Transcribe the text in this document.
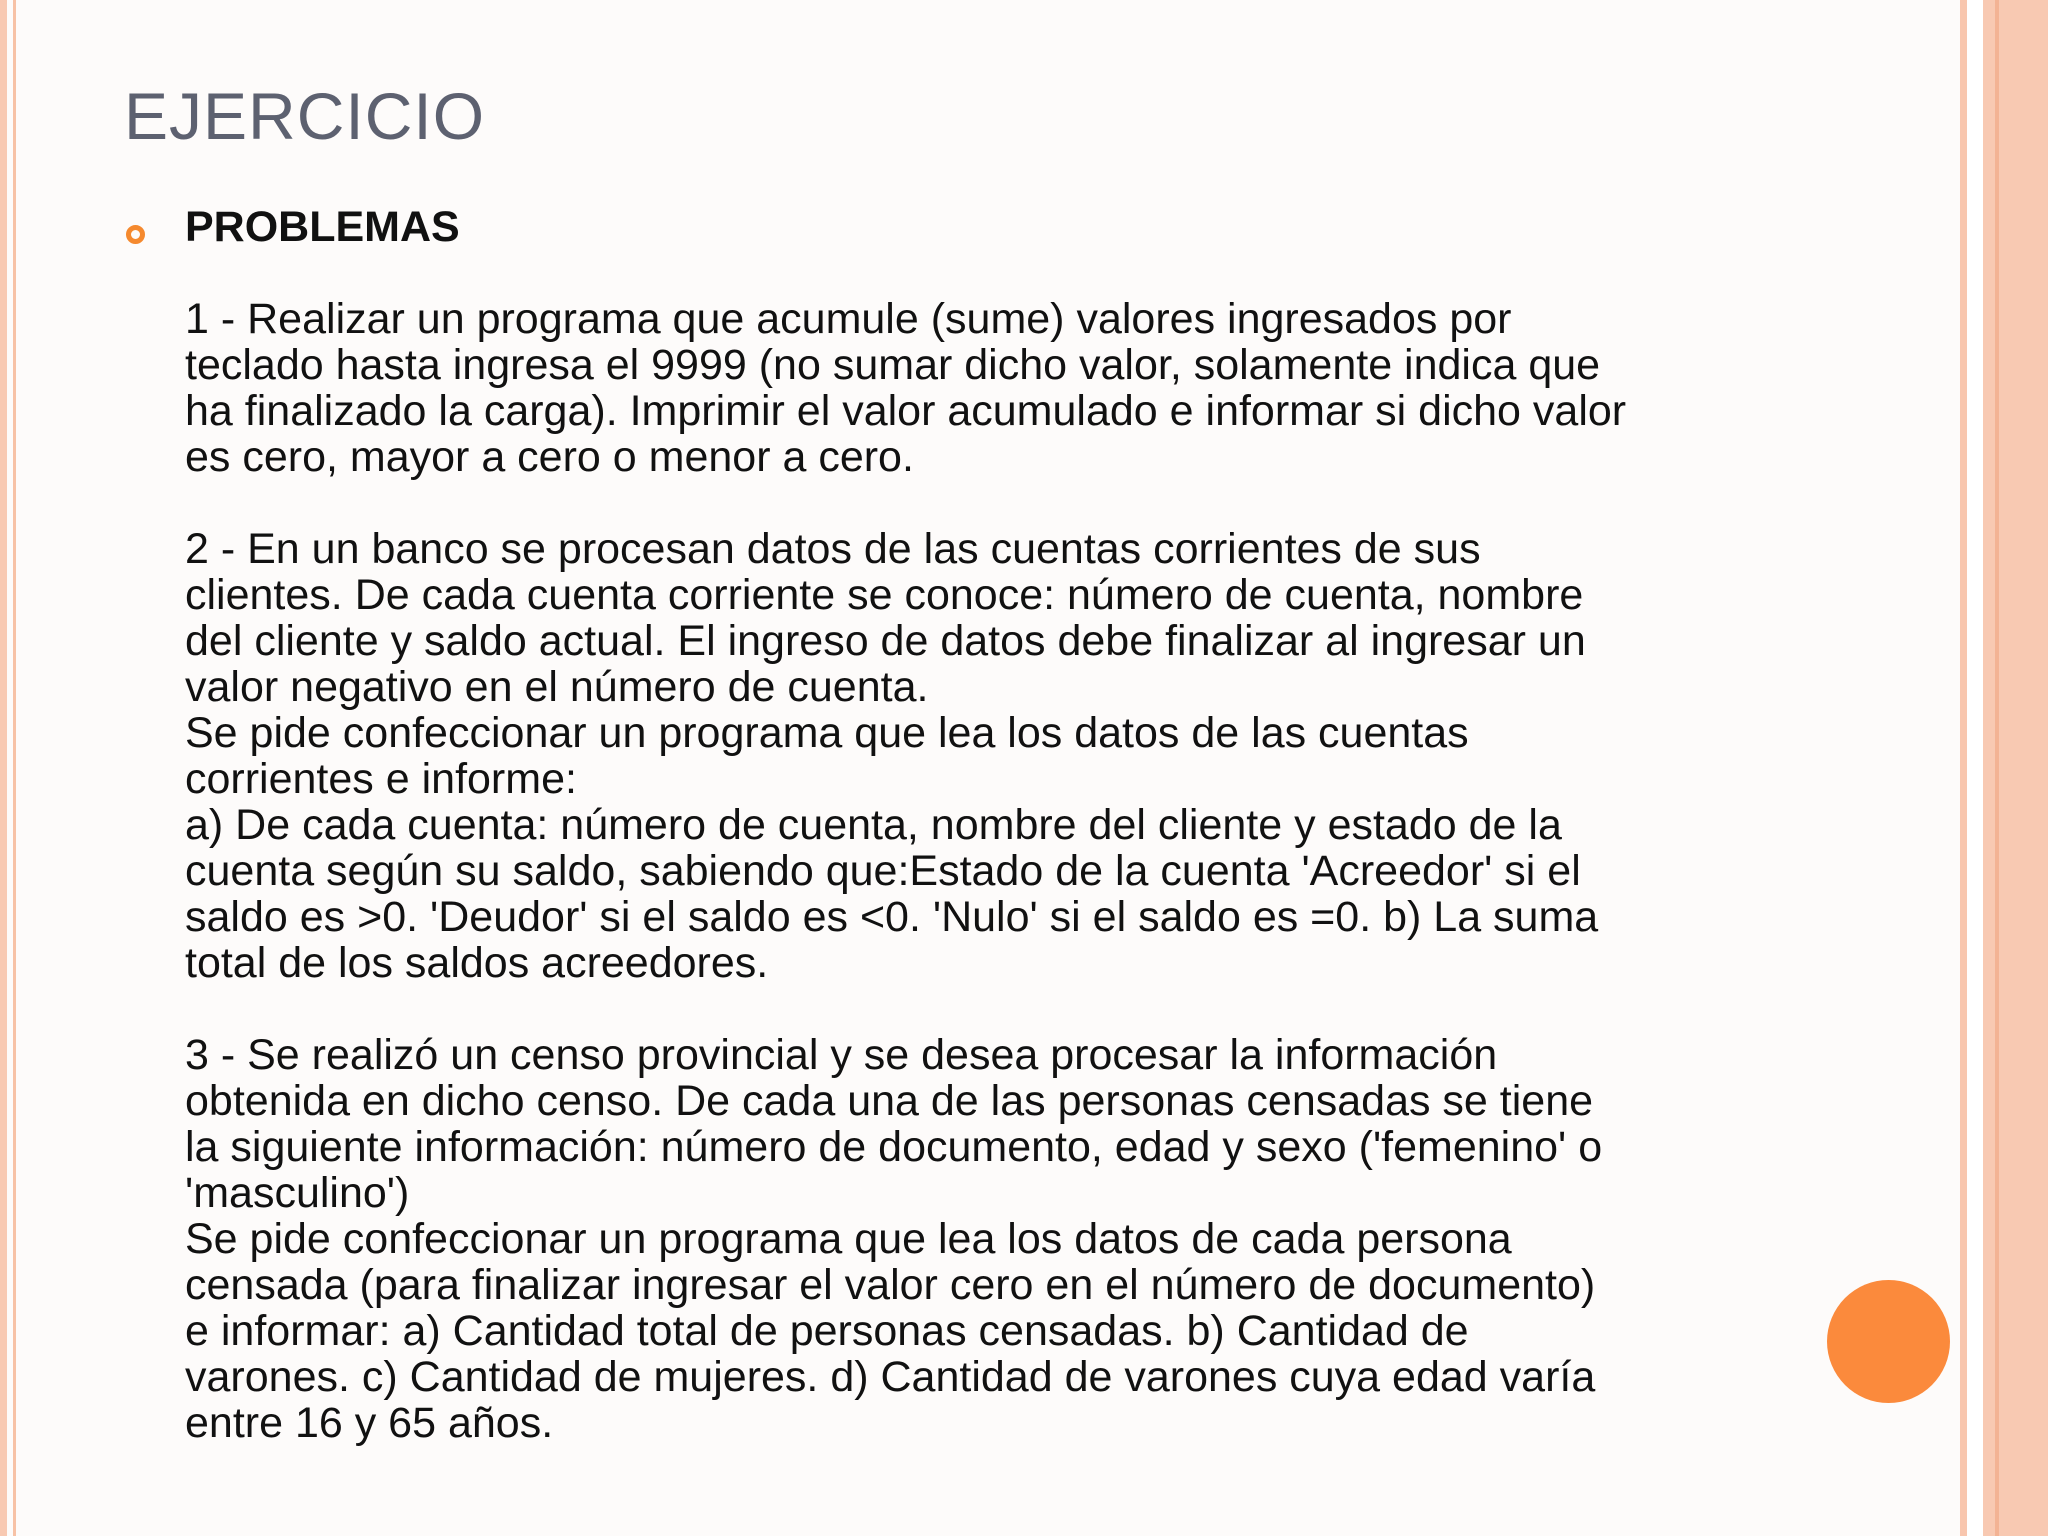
EJERCICIO
PROBLEMAS
1 - Realizar un programa que acumule (sume) valores ingresados por
teclado hasta ingresa el 9999 (no sumar dicho valor, solamente indica que
ha finalizado la carga). Imprimir el valor acumulado e informar si dicho valor
es cero, mayor a cero o menor a cero.
2 - En un banco se procesan datos de las cuentas corrientes de sus
clientes. De cada cuenta corriente se conoce: número de cuenta, nombre
del cliente y saldo actual. El ingreso de datos debe finalizar al ingresar un
valor negativo en el número de cuenta.
Se pide confeccionar un programa que lea los datos de las cuentas
corrientes e informe:
a) De cada cuenta: número de cuenta, nombre del cliente y estado de la
cuenta según su saldo, sabiendo que:Estado de la cuenta 'Acreedor' si el
saldo es >0. 'Deudor' si el saldo es <0. 'Nulo' si el saldo es =0. b) La suma
total de los saldos acreedores.
3 - Se realizó un censo provincial y se desea procesar la información
obtenida en dicho censo. De cada una de las personas censadas se tiene
la siguiente información: número de documento, edad y sexo ('femenino' o
'masculino')
Se pide confeccionar un programa que lea los datos de cada persona
censada (para finalizar ingresar el valor cero en el número de documento)
e informar: a) Cantidad total de personas censadas. b) Cantidad de
varones. c) Cantidad de mujeres. d) Cantidad de varones cuya edad varía
entre 16 y 65 años.
